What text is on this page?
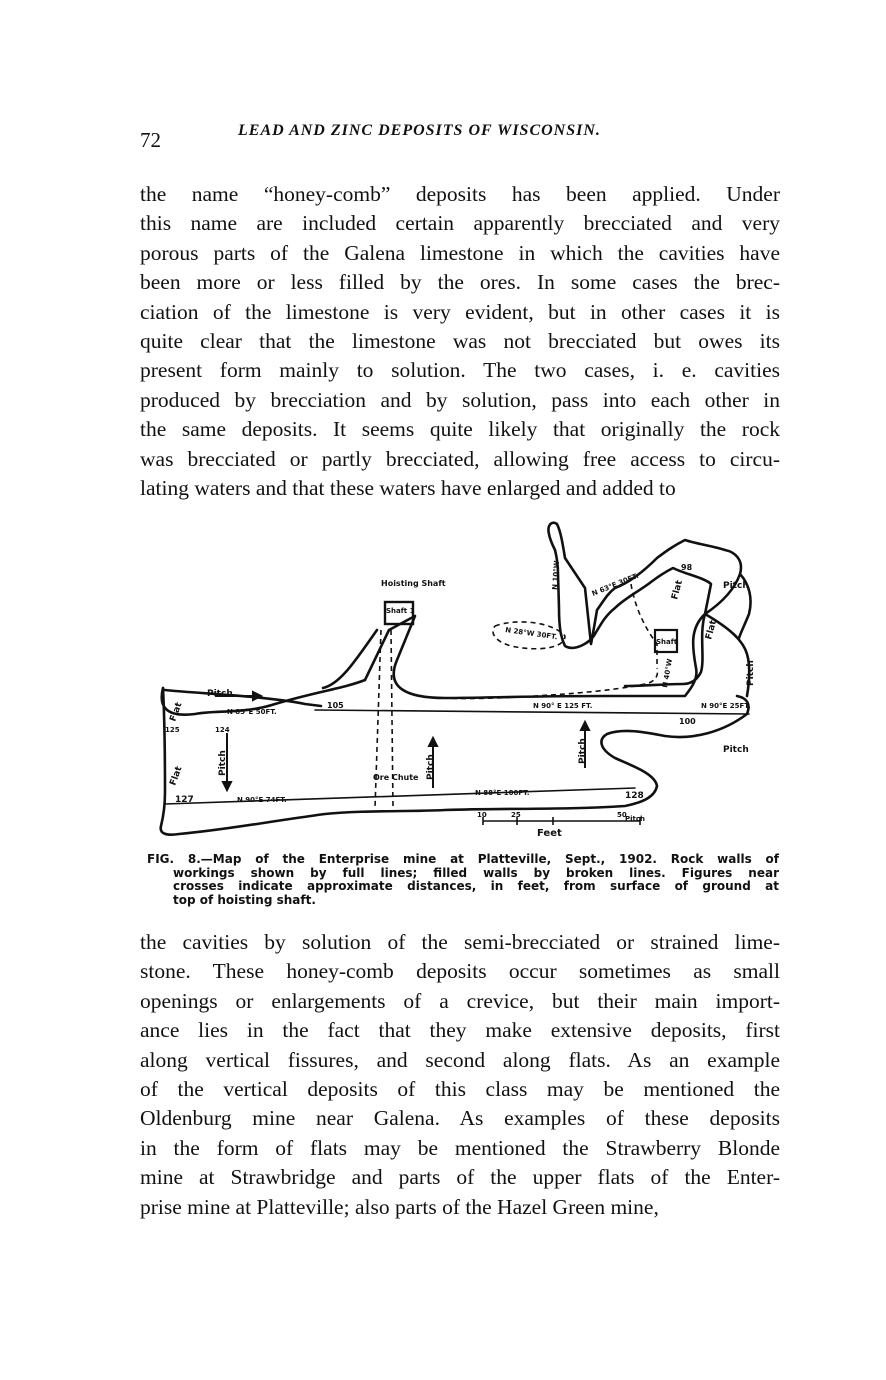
72	LEAD AND ZINC DEPOSITS OF WISCONSIN.
the name “honey-comb” deposits has been applied. Under
this name are included certain apparently brecciated and very
porous parts of the Galena limestone in which the cavities have
been more or less filled by the ores. In some cases the brec-
ciation of the limestone is very evident, but in other cases it is
quite clear that the limestone was not brecciated but owes its
present form mainly to solution. The two cases, i. e. cavities
produced by brecciation and by solution, pass into each other in
the same deposits. It seems quite likely that originally the rock
was brecciated or partly brecciated, allowing free access to circu-
lating waters and that these waters have enlarged and added to
Hoisting Shaft
Shaft 1
Shaft
Ore Chute
Pitch
Pitch
Pitch
Pitch
Pitch	Pitch
Pitch
Pitch
Flat
Flat
Flat
Flat
Feet
10	25	50
N 90° E 125 FT.	N 90°E 25FT.
N 85°E 50FT.
N 90°E 74FT.
N 88°E 100FT.
N 63°E 30FT.
N 28°W 30FT.
N 10°W
N 40°W
98
100
105
124
125
127	128
FIG. 8.—Map of the Enterprise mine at Platteville, Sept., 1902. Rock walls of
workings shown by full lines; filled walls by broken lines. Figures near
crosses indicate approximate distances, in feet, from surface of ground at
top of hoisting shaft.
the cavities by solution of the semi-brecciated or strained lime-
stone. These honey-comb deposits occur sometimes as small
openings or enlargements of a crevice, but their main import-
ance lies in the fact that they make extensive deposits, first
along vertical fissures, and second along flats. As an example
of the vertical deposits of this class may be mentioned the
Oldenburg mine near Galena. As examples of these deposits
in the form of flats may be mentioned the Strawberry Blonde
mine at Strawbridge and parts of the upper flats of the Enter-
prise mine at Platteville; also parts of the Hazel Green mine,
